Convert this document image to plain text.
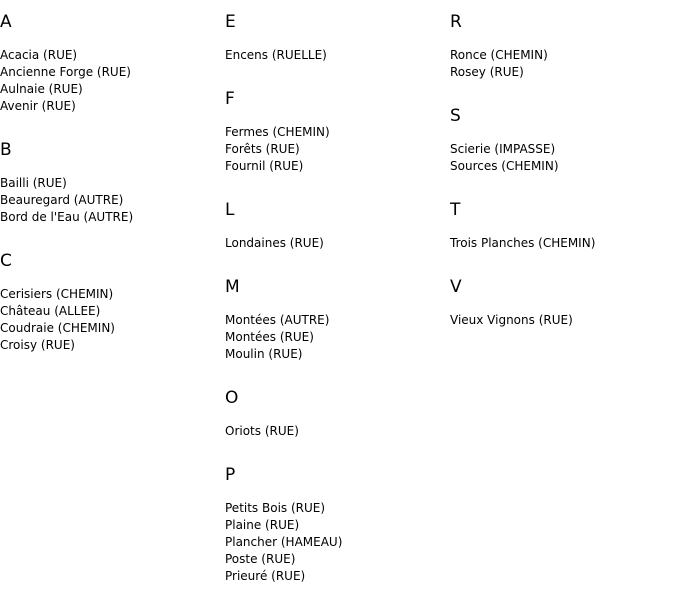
A
Acacia (RUE)
Ancienne Forge (RUE)
Aulnaie (RUE)
Avenir (RUE)
B
Bailli (RUE)
Beauregard (AUTRE)
Bord de l'Eau (AUTRE)
C
Cerisiers (CHEMIN)
Château (ALLEE)
Coudraie (CHEMIN)
Croisy (RUE)
E
Encens (RUELLE)
F
Fermes (CHEMIN)
Forêts (RUE)
Fournil (RUE)
L
Londaines (RUE)
M
Montées (AUTRE)
Montées (RUE)
Moulin (RUE)
O
Oriots (RUE)
P
Petits Bois (RUE)
Plaine (RUE)
Plancher (HAMEAU)
Poste (RUE)
Prieuré (RUE)
R
Ronce (CHEMIN)
Rosey (RUE)
S
Scierie (IMPASSE)
Sources (CHEMIN)
T
Trois Planches (CHEMIN)
V
Vieux Vignons (RUE)
